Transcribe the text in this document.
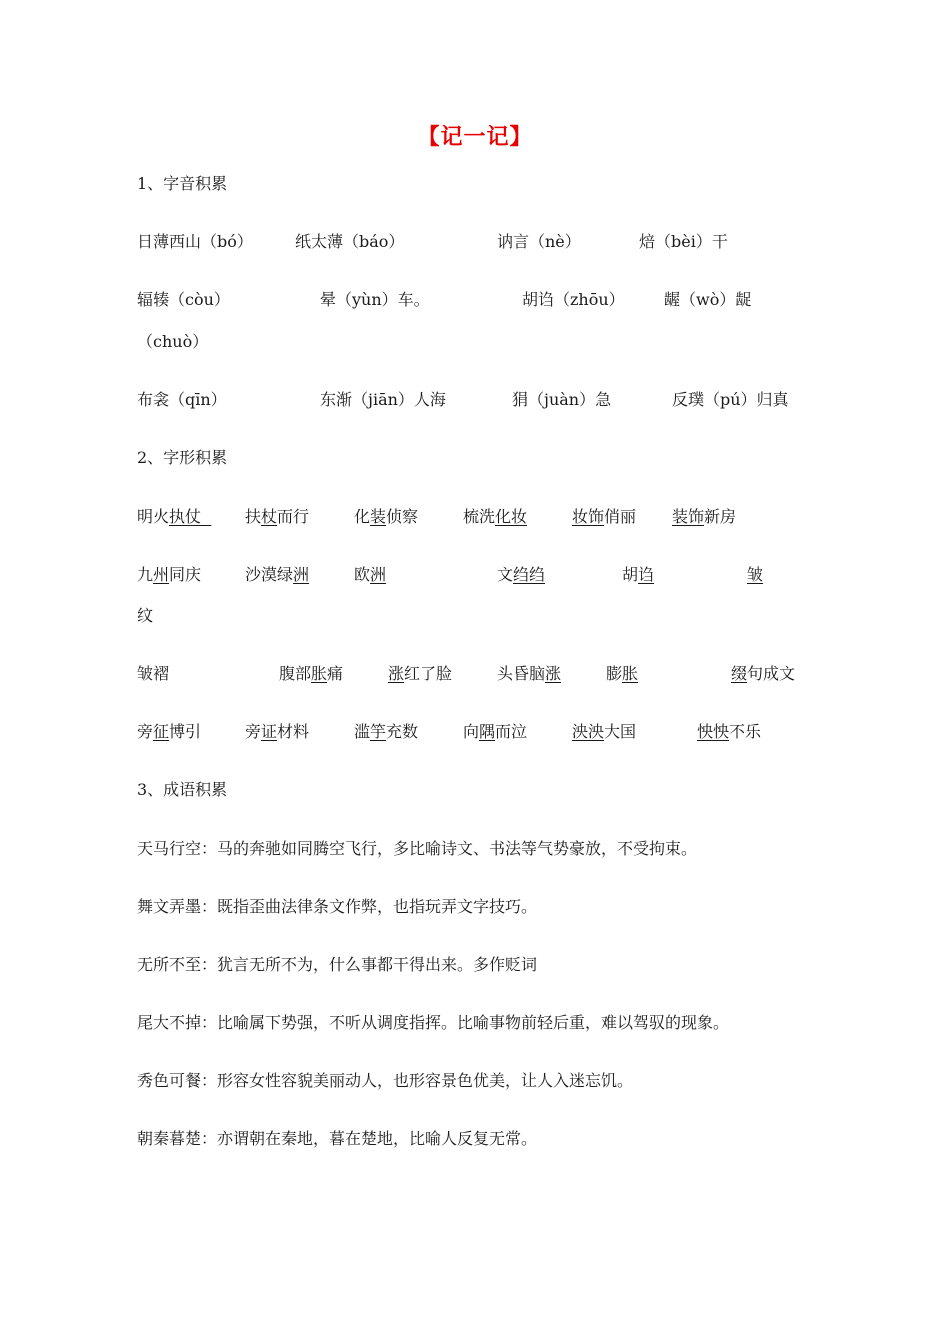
【记一记】
1、字音积累
日薄西山（bó）	纸太薄（báo）	讷言（nè）	焙（bèi）干
辐辏（còu）	晕（yùn）车。	胡诌（zhōu） 龌（wò）龊
（chuò）
布衾（qīn）	东渐（jiān）人海	狷（juàn）急	反璞（pú）归真
2、字形积累
明火执仗 扶杖而行	化装侦察	梳洗化妆	妆饰俏丽 装饰新房
九州同庆	沙漠绿洲	欧洲	文绉绉	胡诌	皱
纹
皱褶	腹部胀痛	涨红了脸	头昏脑涨	膨胀	缀句成文
旁征博引	旁证材料	滥竽充数	向隅而泣	泱泱大国	怏怏不乐
3、成语积累
天马行空：马的奔驰如同腾空飞行，多比喻诗文、书法等气势豪放，不受拘束。
舞文弄墨：既指歪曲法律条文作弊，也指玩弄文字技巧。
无所不至：犹言无所不为，什么事都干得出来。多作贬词
尾大不掉：比喻属下势强，不听从调度指挥。比喻事物前轻后重，难以驾驭的现象。
秀色可餐：形容女性容貌美丽动人，也形容景色优美，让人入迷忘饥。
朝秦暮楚：亦谓朝在秦地，暮在楚地，比喻人反复无常。
